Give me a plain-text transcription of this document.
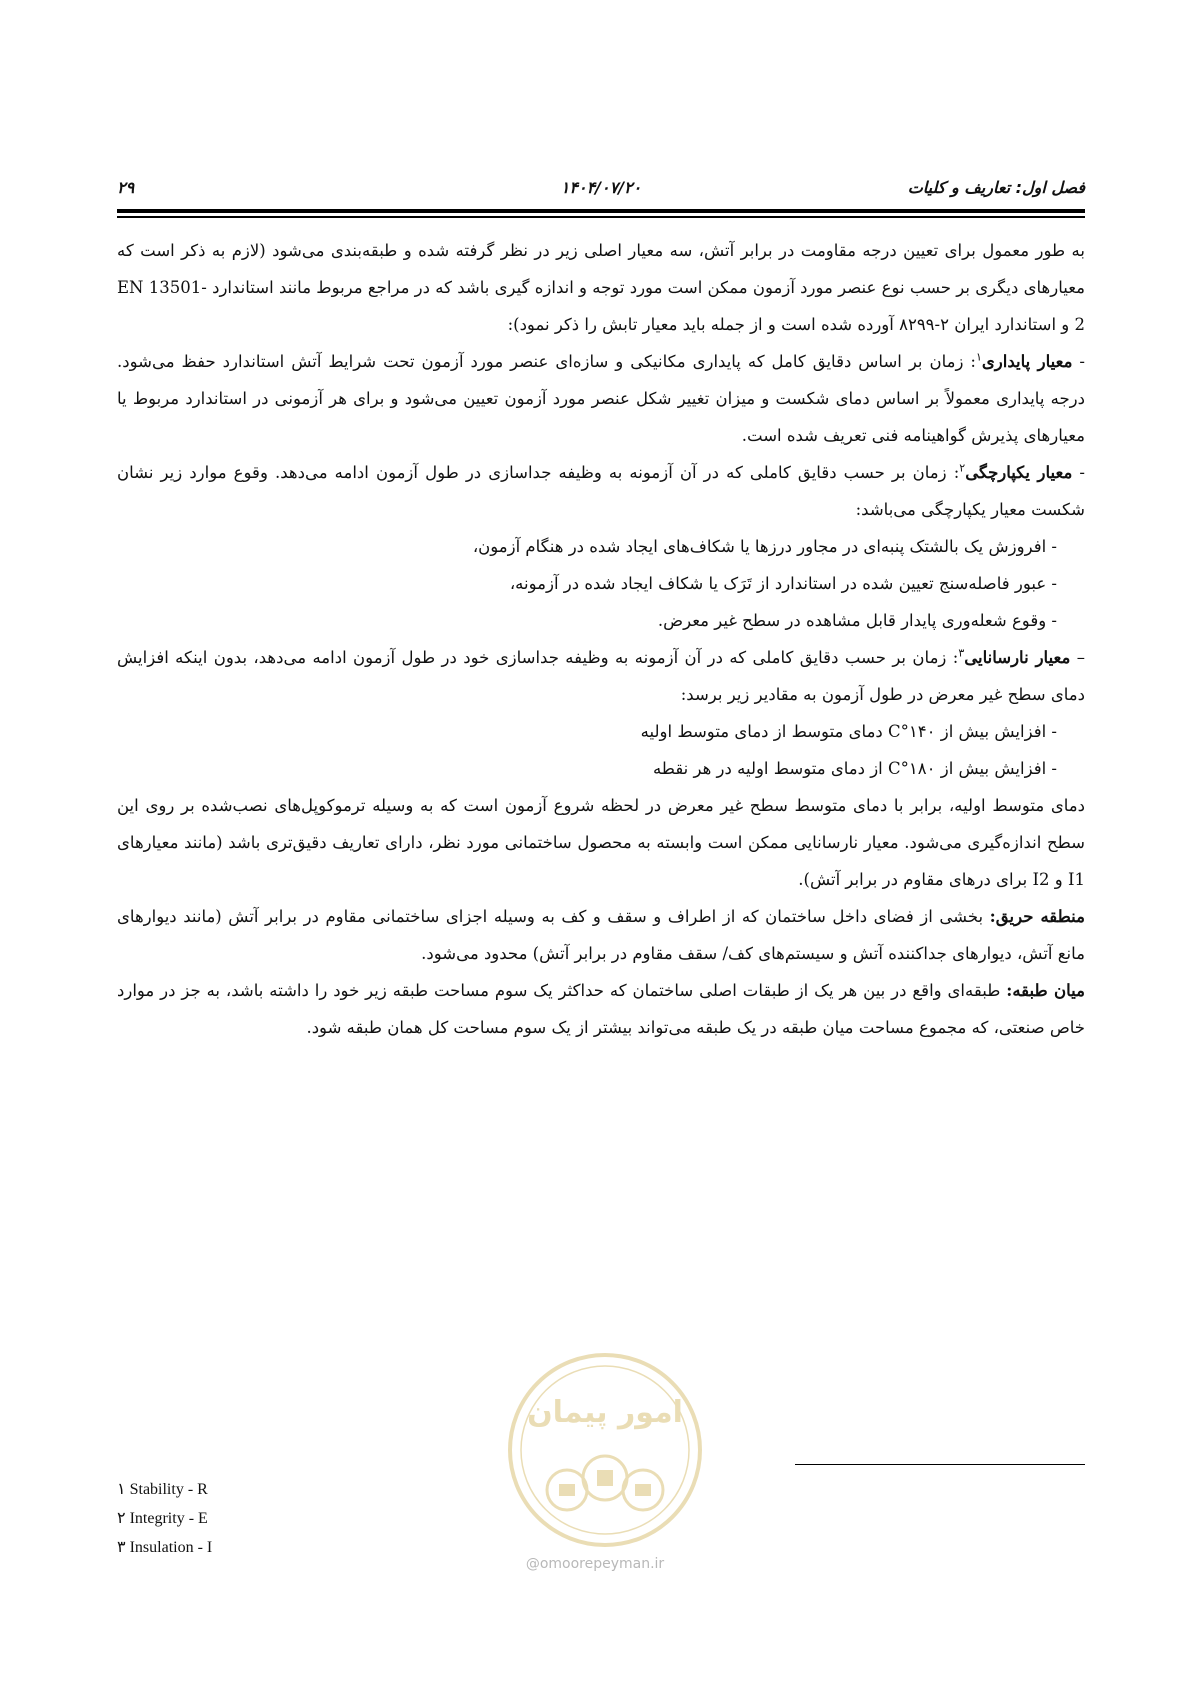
فصل اول: تعاریف و کلیات
۱۴۰۴/۰۷/۲۰
۲۹

به طور معمول برای تعیین درجه مقاومت در برابر آتش، سه معیار اصلی زیر در نظر گرفته شده و طبقه‌بندی می‌شود (لازم به ذکر است که معیارهای دیگری بر حسب نوع عنصر مورد آزمون ممکن است مورد توجه و اندازه گیری باشد که در مراجع مربوط مانند استاندارد EN 13501-2 و استاندارد ایران ۲-۸۲۹۹ آورده شده است و از جمله باید معیار تابش را ذکر نمود):

- معیار پایداری$^۱$: زمان بر اساس دقایق کامل که پایداری مکانیکی و سازه‌ای عنصر مورد آزمون تحت شرایط آتش استاندارد حفظ می‌شود. درجه پایداری معمولاً بر اساس دمای شکست و میزان تغییر شکل عنصر مورد آزمون تعیین می‌شود و برای هر آزمونی در استاندارد مربوط یا معیارهای پذیرش گواهینامه فنی تعریف شده است.

- معیار یکپارچگی$^۲$: زمان بر حسب دقایق کاملی که در آن آزمونه به وظیفه جداسازی در طول آزمون ادامه می‌دهد. وقوع موارد زیر نشان شکست معیار یکپارچگی می‌باشد:

- افروزش یک بالشتک پنبه‌ای در مجاور درزها یا شکاف‌های ایجاد شده در هنگام آزمون،

- عبور فاصله‌سنج تعیین شده در استاندارد از تَرَک یا شکاف ایجاد شده در آزمونه،

- وقوع شعله‌وری پایدار قابل مشاهده در سطح غیر معرض.

– معیار نارسانایی$^۳$: زمان بر حسب دقایق کاملی که در آن آزمونه به وظیفه جداسازی خود در طول آزمون ادامه می‌دهد، بدون اینکه افزایش دمای سطح غیر معرض در طول آزمون به مقادیر زیر برسد:

- افزایش بیش از ۱۴۰°C دمای متوسط از دمای متوسط اولیه

- افزایش بیش از ۱۸۰°C از دمای متوسط اولیه در هر نقطه

دمای متوسط اولیه، برابر با دمای متوسط سطح غیر معرض در لحظه شروع آزمون است که به وسیله ترموکوپل‌های نصب‌شده بر روی این سطح اندازه‌گیری می‌شود. معیار نارسانایی ممکن است وابسته به محصول ساختمانی مورد نظر، دارای تعاریف دقیق‌تری باشد (مانند معیارهای I1 و I2 برای درهای مقاوم در برابر آتش).

منطقه حریق: بخشی از فضای داخل ساختمان که از اطراف و سقف و کف به وسیله اجزای ساختمانی مقاوم در برابر آتش (مانند دیوارهای مانع آتش، دیوارهای جداکننده آتش و سیستم‌های کف/ سقف مقاوم در برابر آتش) محدود می‌شود.

میان طبقه: طبقه‌ای واقع در بین هر یک از طبقات اصلی ساختمان که حداکثر یک سوم مساحت طبقه زیر خود را داشته باشد، به جز در موارد خاص صنعتی، که مجموع مساحت میان طبقه در یک طبقه می‌تواند بیشتر از یک سوم مساحت کل همان طبقه شود.

امور پیمان
@omoorepeyman.ir
۱ Stability - R
۲ Integrity - E
۳ Insulation - I
